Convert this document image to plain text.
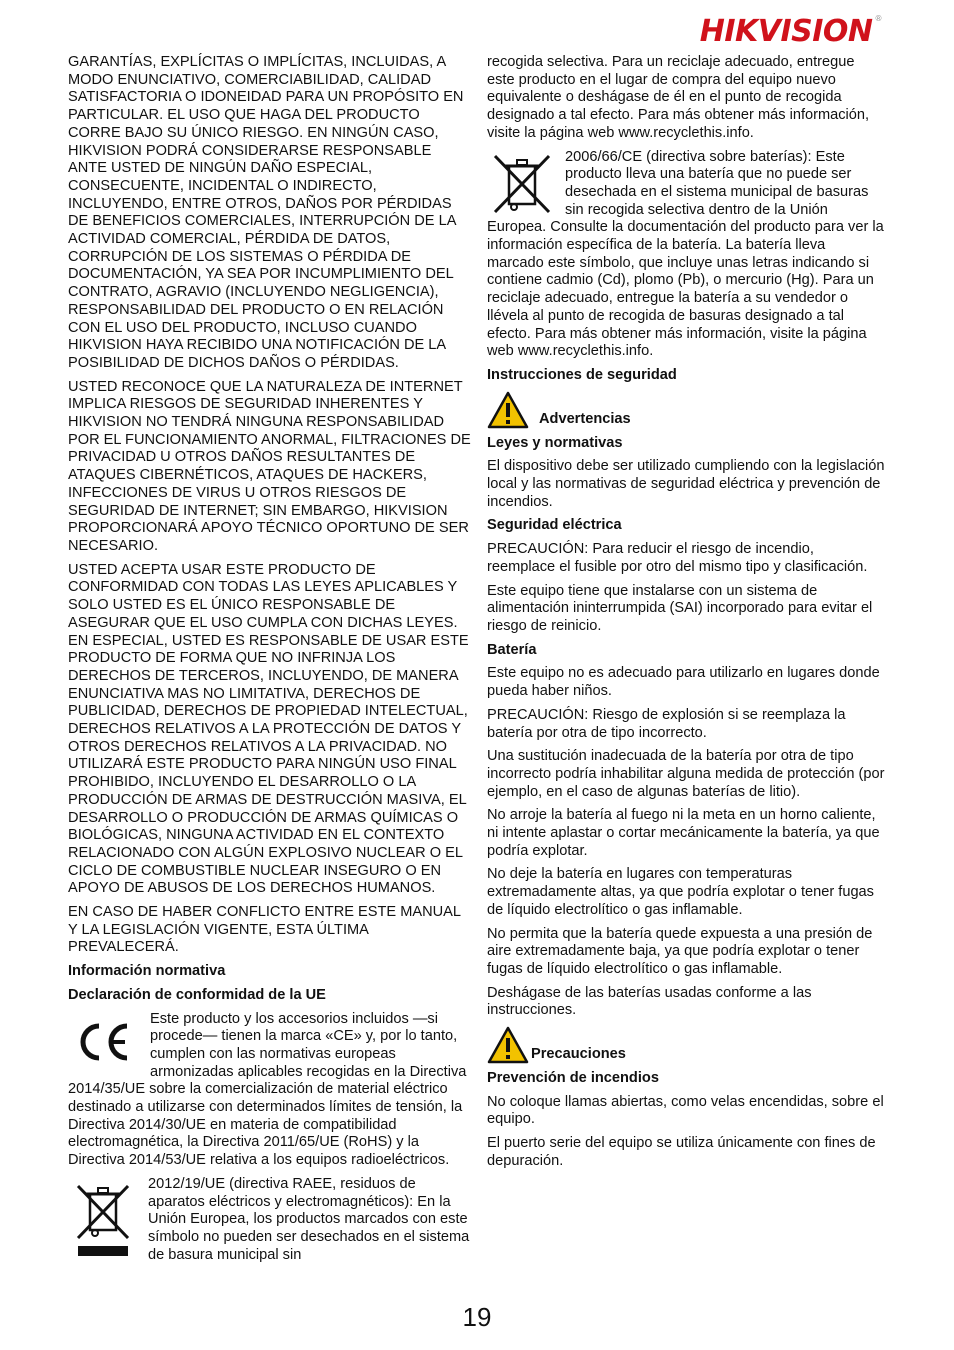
HIKVISION ®

GARANTÍAS, EXPLÍCITAS O IMPLÍCITAS, INCLUIDAS, A MODO ENUNCIATIVO, COMERCIABILIDAD, CALIDAD SATISFACTORIA O IDONEIDAD PARA UN PROPÓSITO EN PARTICULAR. EL USO QUE HAGA DEL PRODUCTO CORRE BAJO SU ÚNICO RIESGO. EN NINGÚN CASO, HIKVISION PODRÁ CONSIDERARSE RESPONSABLE ANTE USTED DE NINGÚN DAÑO ESPECIAL, CONSECUENTE, INCIDENTAL O INDIRECTO, INCLUYENDO, ENTRE OTROS, DAÑOS POR PÉRDIDAS DE BENEFICIOS COMERCIALES, INTERRUPCIÓN DE LA ACTIVIDAD COMERCIAL, PÉRDIDA DE DATOS, CORRUPCIÓN DE LOS SISTEMAS O PÉRDIDA DE DOCUMENTACIÓN, YA SEA POR INCUMPLIMIENTO DEL CONTRATO, AGRAVIO (INCLUYENDO NEGLIGENCIA), RESPONSABILIDAD DEL PRODUCTO O EN RELACIÓN CON EL USO DEL PRODUCTO, INCLUSO CUANDO HIKVISION HAYA RECIBIDO UNA NOTIFICACIÓN DE LA POSIBILIDAD DE DICHOS DAÑOS O PÉRDIDAS.

USTED RECONOCE QUE LA NATURALEZA DE INTERNET IMPLICA RIESGOS DE SEGURIDAD INHERENTES Y HIKVISION NO TENDRÁ NINGUNA RESPONSABILIDAD POR EL FUNCIONAMIENTO ANORMAL, FILTRACIONES DE PRIVACIDAD U OTROS DAÑOS RESULTANTES DE ATAQUES CIBERNÉTICOS, ATAQUES DE HACKERS, INFECCIONES DE VIRUS U OTROS RIESGOS DE SEGURIDAD DE INTERNET; SIN EMBARGO, HIKVISION PROPORCIONARÁ APOYO TÉCNICO OPORTUNO DE SER NECESARIO.

USTED ACEPTA USAR ESTE PRODUCTO DE CONFORMIDAD CON TODAS LAS LEYES APLICABLES Y SOLO USTED ES EL ÚNICO RESPONSABLE DE ASEGURAR QUE EL USO CUMPLA CON DICHAS LEYES. EN ESPECIAL, USTED ES RESPONSABLE DE USAR ESTE PRODUCTO DE FORMA QUE NO INFRINJA LOS DERECHOS DE TERCEROS, INCLUYENDO, DE MANERA ENUNCIATIVA MAS NO LIMITATIVA, DERECHOS DE PUBLICIDAD, DERECHOS DE PROPIEDAD INTELECTUAL, DERECHOS RELATIVOS A LA PROTECCIÓN DE DATOS Y OTROS DERECHOS RELATIVOS A LA PRIVACIDAD. NO UTILIZARÁ ESTE PRODUCTO PARA NINGÚN USO FINAL PROHIBIDO, INCLUYENDO EL DESARROLLO O LA PRODUCCIÓN DE ARMAS DE DESTRUCCIÓN MASIVA, EL DESARROLLO O PRODUCCIÓN DE ARMAS QUÍMICAS O BIOLÓGICAS, NINGUNA ACTIVIDAD EN EL CONTEXTO RELACIONADO CON ALGÚN EXPLOSIVO NUCLEAR O EL CICLO DE COMBUSTIBLE NUCLEAR INSEGURO O EN APOYO DE ABUSOS DE LOS DERECHOS HUMANOS.

EN CASO DE HABER CONFLICTO ENTRE ESTE MANUAL Y LA LEGISLACIÓN VIGENTE, ESTA ÚLTIMA PREVALECERÁ.

Información normativa

Declaración de conformidad de la UE

Este producto y los accesorios incluidos —si procede— tienen la marca «CE» y, por lo tanto, cumplen con las normativas europeas armonizadas aplicables recogidas en la Directiva 2014/35/UE sobre la comercialización de material eléctrico destinado a utilizarse con determinados límites de tensión, la Directiva 2014/30/UE en materia de compatibilidad electromagnética, la Directiva 2011/65/UE (RoHS) y la Directiva 2014/53/UE relativa a los equipos radioeléctricos.
2012/19/UE (directiva RAEE, residuos de aparatos eléctricos y electromagnéticos): En la Unión Europea, los productos marcados con este símbolo no pueden ser desechados en el sistema de basura municipal sin

recogida selectiva. Para un reciclaje adecuado, entregue este producto en el lugar de compra del equipo nuevo equivalente o deshágase de él en el punto de recogida designado a tal efecto. Para más obtener más información, visite la página web www.recyclethis.info.

2006/66/CE (directiva sobre baterías): Este producto lleva una batería que no puede ser desechada en el sistema municipal de basuras sin recogida selectiva dentro de la Unión Europea. Consulte la documentación del producto para ver la información específica de la batería. La batería lleva marcado este símbolo, que incluye unas letras indicando si contiene cadmio (Cd), plomo (Pb), o mercurio (Hg). Para un reciclaje adecuado, entregue la batería a su vendedor o llévela al punto de recogida de basuras designado a tal efecto. Para más obtener más información, visite la página web www.recyclethis.info.

Instrucciones de seguridad

Advertencias

Leyes y normativas

El dispositivo debe ser utilizado cumpliendo con la legislación local y las normativas de seguridad eléctrica y prevención de incendios.

Seguridad eléctrica

PRECAUCIÓN: Para reducir el riesgo de incendio, reemplace el fusible por otro del mismo tipo y clasificación.

Este equipo tiene que instalarse con un sistema de alimentación ininterrumpida (SAI) incorporado para evitar el riesgo de reinicio.

Batería

Este equipo no es adecuado para utilizarlo en lugares donde pueda haber niños.

PRECAUCIÓN: Riesgo de explosión si se reemplaza la batería por otra de tipo incorrecto.

Una sustitución inadecuada de la batería por otra de tipo incorrecto podría inhabilitar alguna medida de protección (por ejemplo, en el caso de algunas baterías de litio).

No arroje la batería al fuego ni la meta en un horno caliente, ni intente aplastar o cortar mecánicamente la batería, ya que podría explotar.

No deje la batería en lugares con temperaturas extremadamente altas, ya que podría explotar o tener fugas de líquido electrolítico o gas inflamable.

No permita que la batería quede expuesta a una presión de aire extremadamente baja, ya que podría explotar o tener fugas de líquido electrolítico o gas inflamable.

Deshágase de las baterías usadas conforme a las instrucciones.

Precauciones

Prevención de incendios

No coloque llamas abiertas, como velas encendidas, sobre el equipo.

El puerto serie del equipo se utiliza únicamente con fines de depuración.

19
